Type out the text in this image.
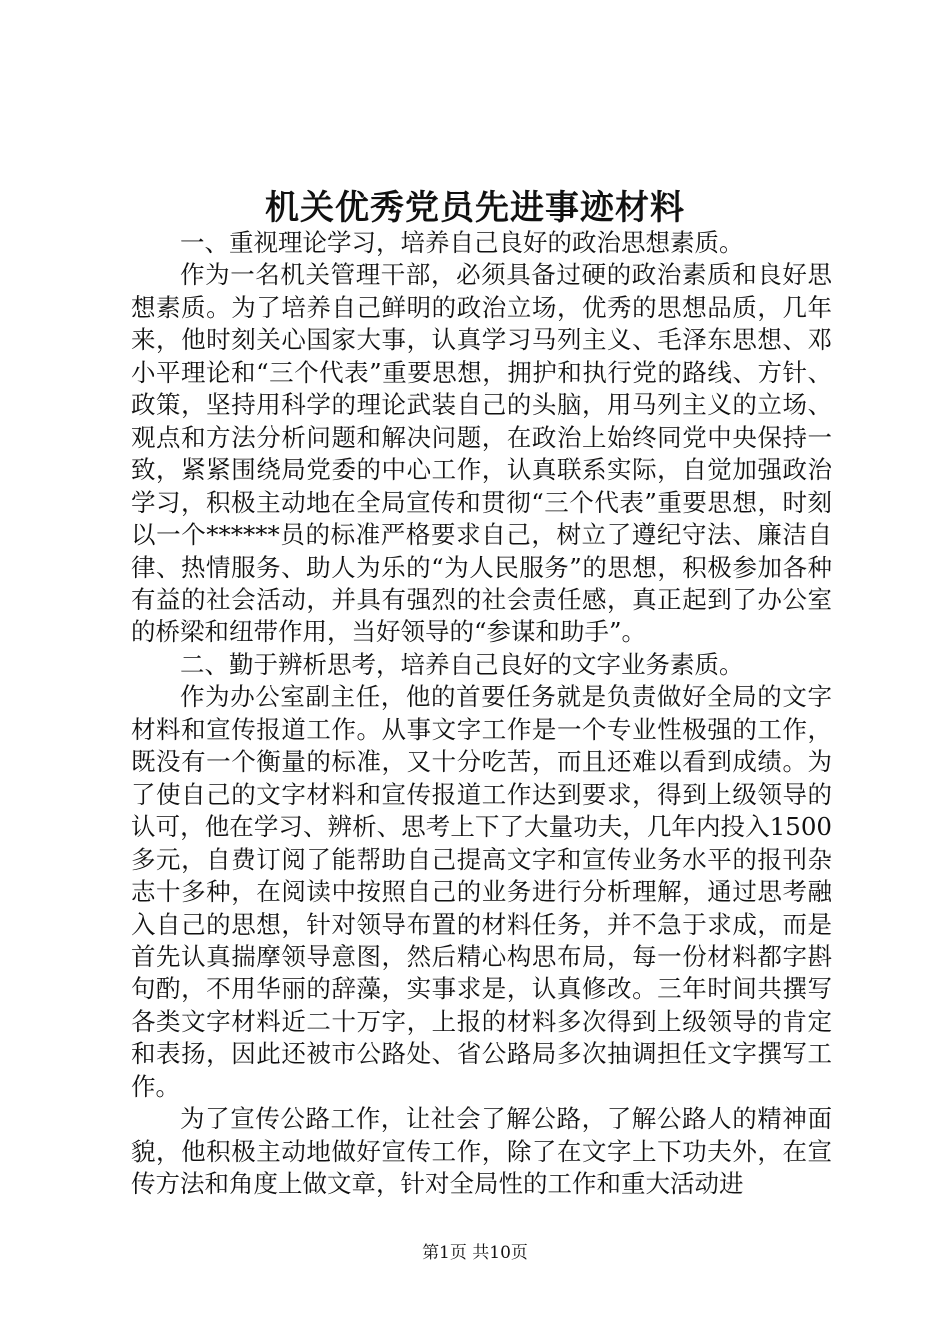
机关优秀党员先进事迹材料

一、重视理论学习，培养自己良好的政治思想素质。

作为一名机关管理干部，必须具备过硬的政治素质和良好思想素质。为了培养自己鲜明的政治立场，优秀的思想品质，几年来，他时刻关心国家大事，认真学习马列主义、毛泽东思想、邓小平理论和“三个代表”重要思想，拥护和执行党的路线、方针、政策，坚持用科学的理论武装自己的头脑，用马列主义的立场、观点和方法分析问题和解决问题，在政治上始终同党中央保持一致，紧紧围绕局党委的中心工作，认真联系实际，自觉加强政治学习，积极主动地在全局宣传和贯彻“三个代表”重要思想，时刻以一个******员的标准严格要求自己，树立了遵纪守法、廉洁自律、热情服务、助人为乐的“为人民服务”的思想，积极参加各种有益的社会活动，并具有强烈的社会责任感，真正起到了办公室的桥梁和纽带作用，当好领导的“参谋和助手”。

二、勤于辨析思考，培养自己良好的文字业务素质。

作为办公室副主任，他的首要任务就是负责做好全局的文字材料和宣传报道工作。从事文字工作是一个专业性极强的工作，既没有一个衡量的标准，又十分吃苦，而且还难以看到成绩。为了使自己的文字材料和宣传报道工作达到要求，得到上级领导的认可，他在学习、辨析、思考上下了大量功夫，几年内投入1500多元，自费订阅了能帮助自己提高文字和宣传业务水平的报刊杂志十多种，在阅读中按照自己的业务进行分析理解，通过思考融入自己的思想，针对领导布置的材料任务，并不急于求成，而是首先认真揣摩领导意图，然后精心构思布局，每一份材料都字斟句酌，不用华丽的辞藻，实事求是，认真修改。三年时间共撰写各类文字材料近二十万字，上报的材料多次得到上级领导的肯定和表扬，因此还被市公路处、省公路局多次抽调担任文字撰写工作。

为了宣传公路工作，让社会了解公路，了解公路人的精神面貌，他积极主动地做好宣传工作，除了在文字上下功夫外，在宣传方法和角度上做文章，针对全局性的工作和重大活动进

第1页 共10页
